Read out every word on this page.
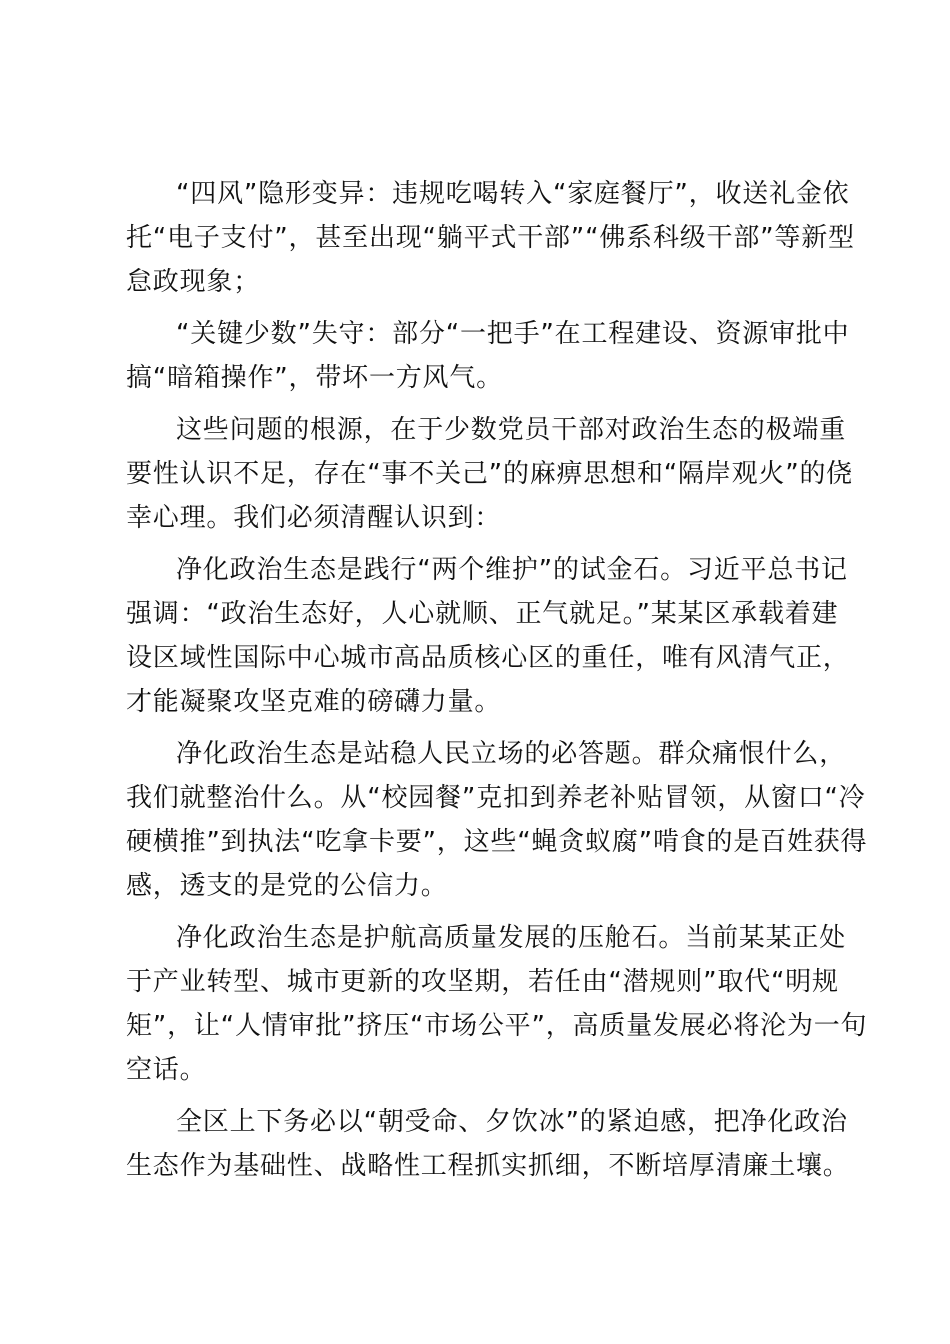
“四风”隐形变异：违规吃喝转入“家庭餐厅”，收送礼金依
托“电子支付”，甚至出现“躺平式干部”“佛系科级干部”等新型
怠政现象；

“关键少数”失守：部分“一把手”在工程建设、资源审批中
搞“暗箱操作”，带坏一方风气。

这些问题的根源，在于少数党员干部对政治生态的极端重
要性认识不足，存在“事不关己”的麻痹思想和“隔岸观火”的侥
幸心理。我们必须清醒认识到：

净化政治生态是践行“两个维护”的试金石。习近平总书记
强调：“政治生态好，人心就顺、正气就足。”某某区承载着建
设区域性国际中心城市高品质核心区的重任，唯有风清气正，
才能凝聚攻坚克难的磅礴力量。

净化政治生态是站稳人民立场的必答题。群众痛恨什么，
我们就整治什么。从“校园餐”克扣到养老补贴冒领，从窗口“冷
硬横推”到执法“吃拿卡要”，这些“蝇贪蚁腐”啃食的是百姓获得
感，透支的是党的公信力。

净化政治生态是护航高质量发展的压舱石。当前某某正处
于产业转型、城市更新的攻坚期，若任由“潜规则”取代“明规
矩”，让“人情审批”挤压“市场公平”，高质量发展必将沦为一句
空话。

全区上下务必以“朝受命、夕饮冰”的紧迫感，把净化政治
生态作为基础性、战略性工程抓实抓细，不断培厚清廉土壤。
